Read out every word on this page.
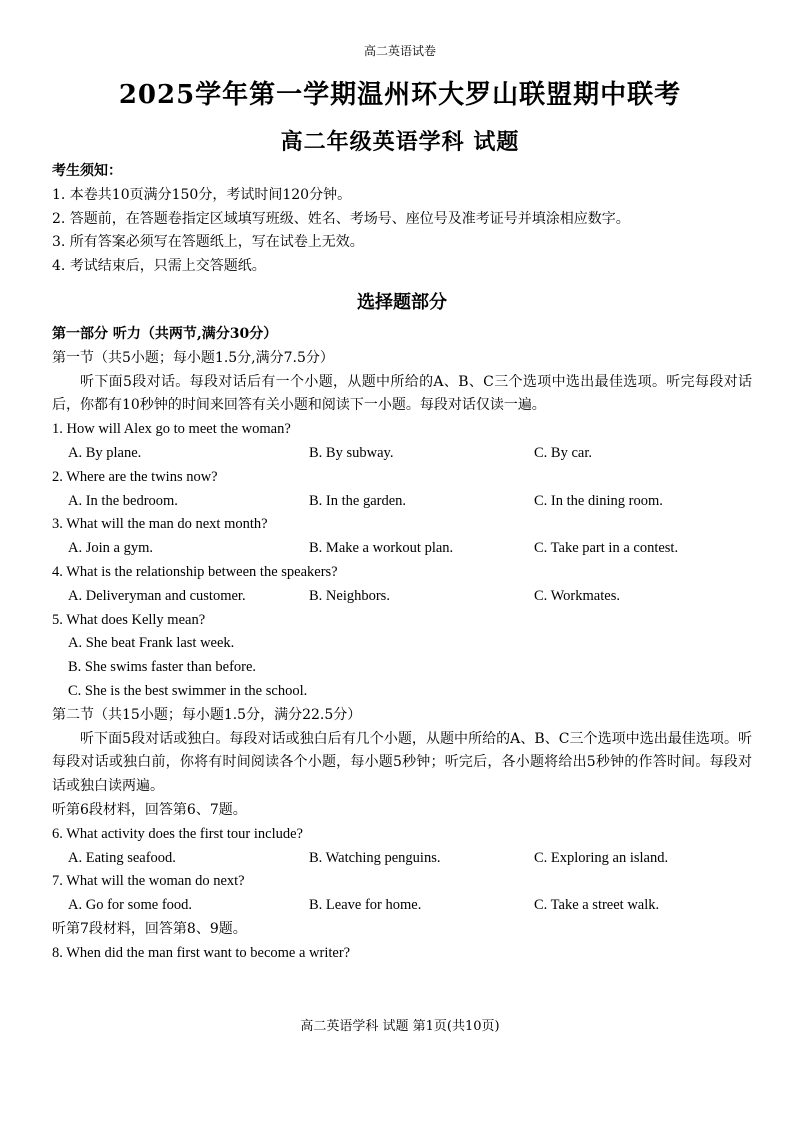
高二英语试卷
2025学年第一学期温州环大罗山联盟期中联考
高二年级英语学科 试题
考生须知：
1. 本卷共10页满分150分，考试时间120分钟。
2. 答题前，在答题卷指定区域填写班级、姓名、考场号、座位号及准考证号并填涂相应数字。
3. 所有答案必须写在答题纸上，写在试卷上无效。
4. 考试结束后，只需上交答题纸。
选择题部分
第一部分 听力（共两节,满分30分）
第一节（共5小题；每小题1.5分,满分7.5分）
听下面5段对话。每段对话后有一个小题，从题中所给的A、B、C三个选项中选出最佳选项。听完每段对话后，你都有10秒钟的时间来回答有关小题和阅读下一小题。每段对话仅读一遍。
1. How will Alex go to meet the woman?
A. By plane.	B. By subway.	C. By car.
2. Where are the twins now?
A. In the bedroom.	B. In the garden.	C. In the dining room.
3. What will the man do next month?
A. Join a gym.	B. Make a workout plan.	C. Take part in a contest.
4. What is the relationship between the speakers?
A. Deliveryman and customer.	B. Neighbors.	C. Workmates.
5. What does Kelly mean?
A. She beat Frank last week.
B. She swims faster than before.
C. She is the best swimmer in the school.
第二节（共15小题；每小题1.5分，满分22.5分）
听下面5段对话或独白。每段对话或独白后有几个小题，从题中所给的A、B、C三个选项中选出最佳选项。听每段对话或独白前，你将有时间阅读各个小题，每小题5秒钟；听完后，各小题将给出5秒钟的作答时间。每段对话或独白读两遍。
听第6段材料，回答第6、7题。
6. What activity does the first tour include?
A. Eating seafood.	B. Watching penguins.	C. Exploring an island.
7. What will the woman do next?
A. Go for some food.	B. Leave for home.	C. Take a street walk.
听第7段材料，回答第8、9题。
8. When did the man first want to become a writer?
高二英语学科 试题 第1页(共10页)
